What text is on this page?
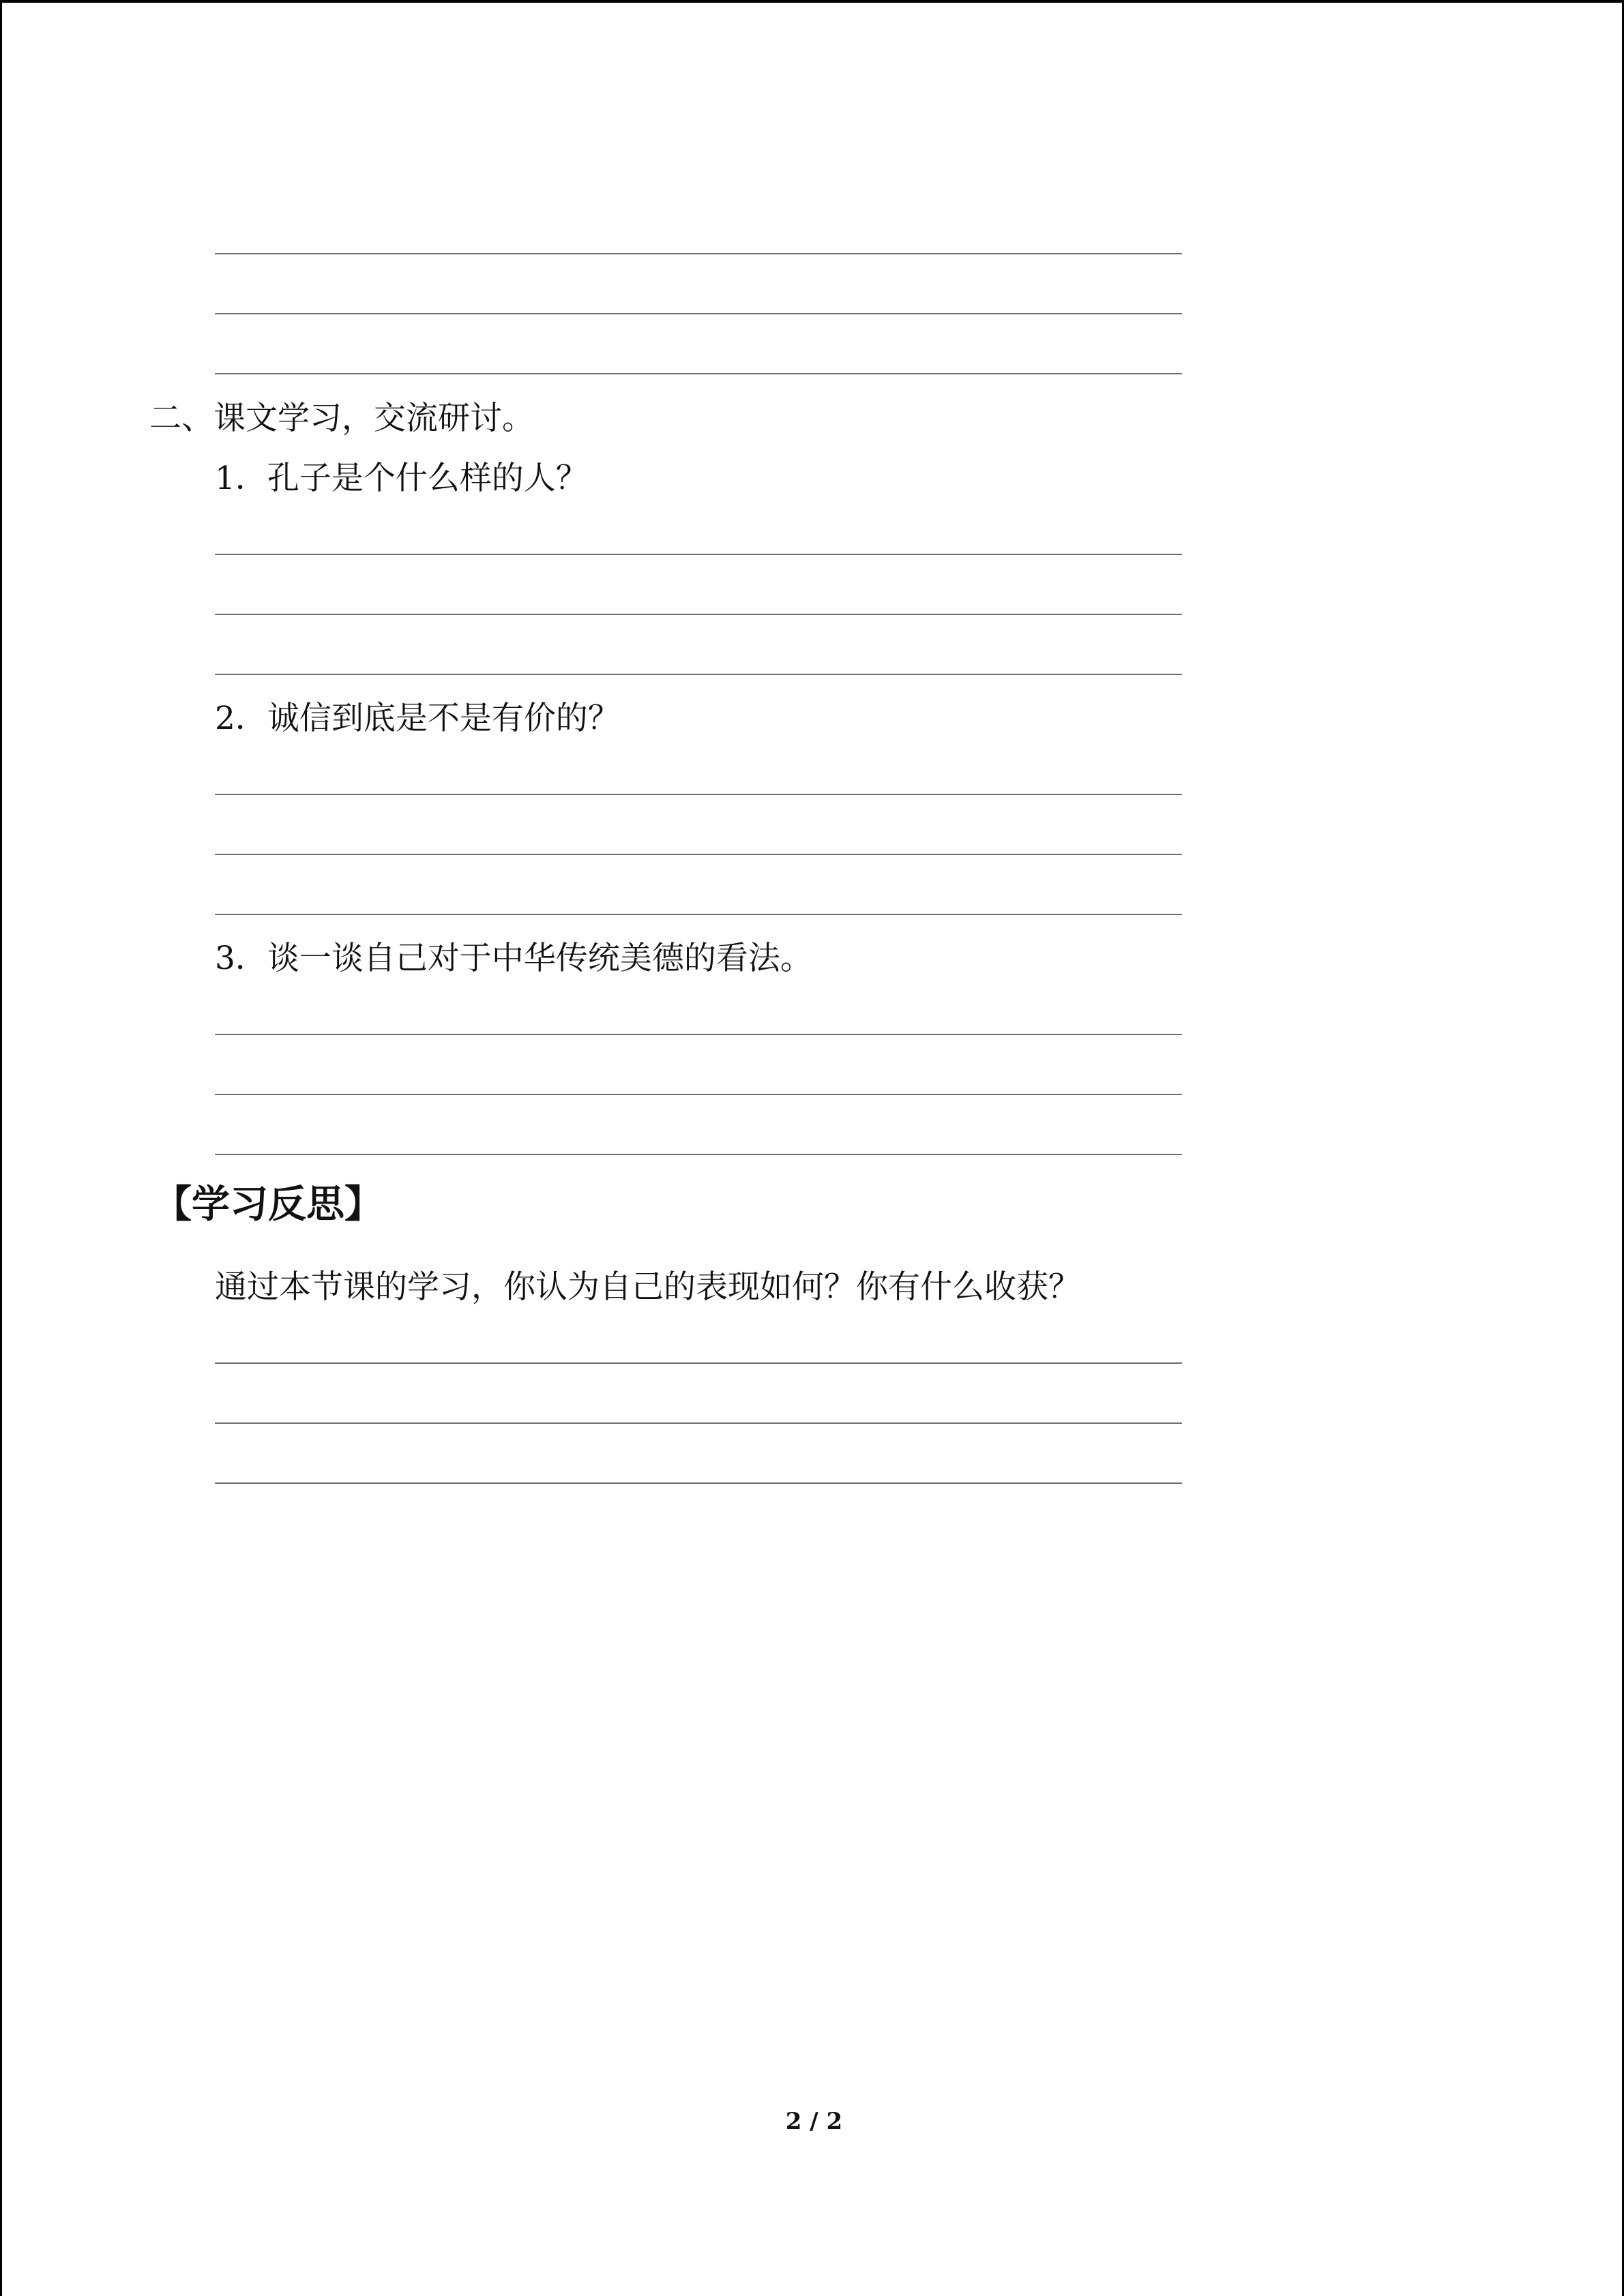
二、课文学习，交流研讨。
1．孔子是个什么样的人？
2．诚信到底是不是有价的？
3．谈一谈自己对于中华传统美德的看法。
【学习反思】
通过本节课的学习，你认为自己的表现如何？你有什么收获？
2 / 2
